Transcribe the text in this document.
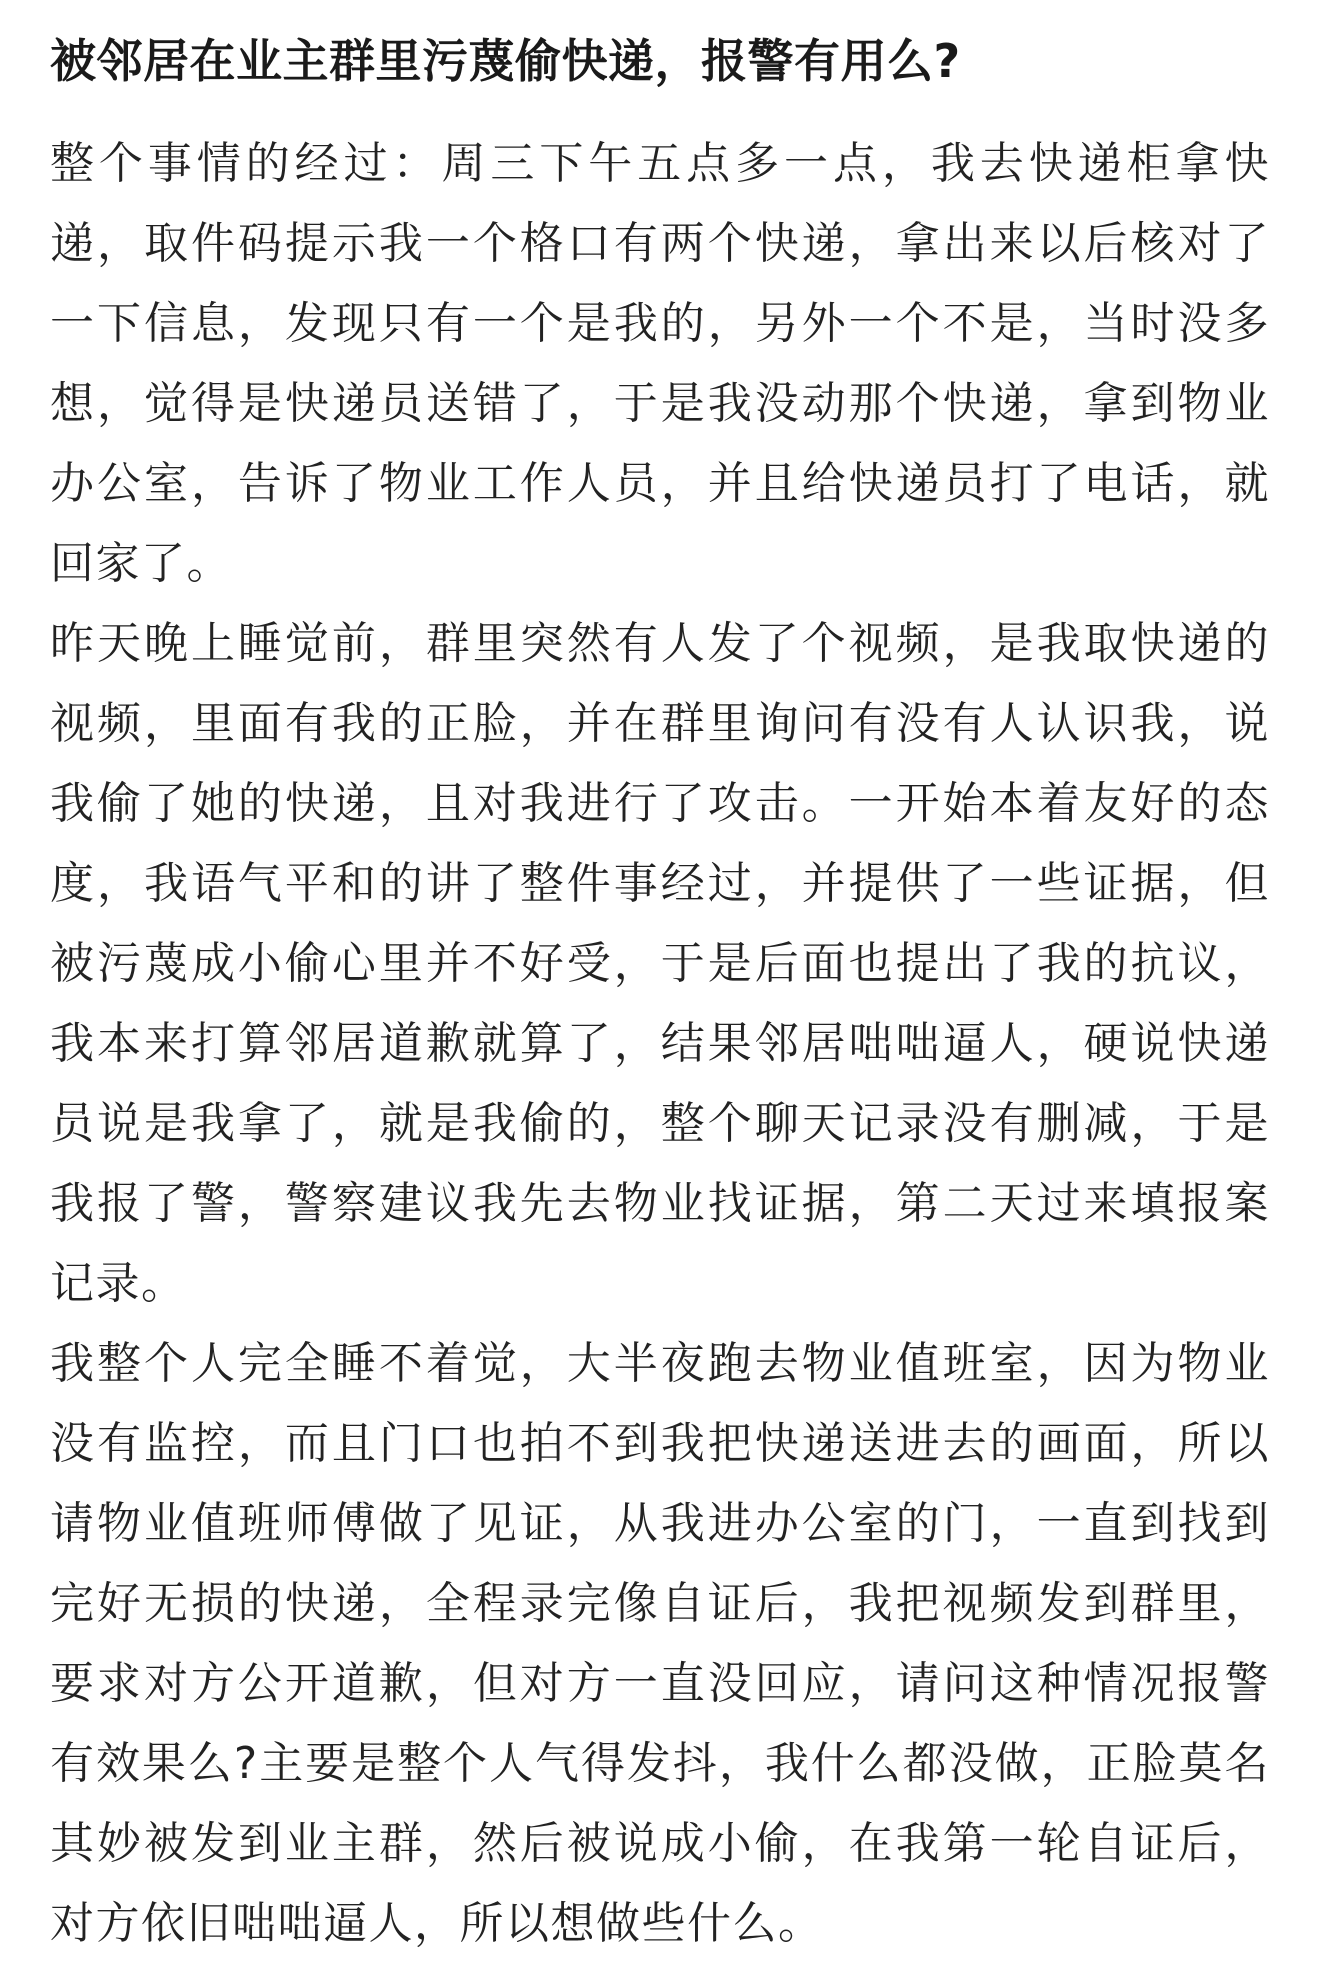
被邻居在业主群里污蔑偷快递，报警有用么?

整个事情的经过：周三下午五点多一点，我去快递柜拿快递，取件码提示我一个格口有两个快递，拿出来以后核对了一下信息，发现只有一个是我的，另外一个不是，当时没多想，觉得是快递员送错了，于是我没动那个快递，拿到物业办公室，告诉了物业工作人员，并且给快递员打了电话，就回家了。

昨天晚上睡觉前，群里突然有人发了个视频，是我取快递的视频，里面有我的正脸，并在群里询问有没有人认识我，说我偷了她的快递，且对我进行了攻击。一开始本着友好的态度，我语气平和的讲了整件事经过，并提供了一些证据，但被污蔑成小偷心里并不好受，于是后面也提出了我的抗议，我本来打算邻居道歉就算了，结果邻居咄咄逼人，硬说快递员说是我拿了，就是我偷的，整个聊天记录没有删减，于是我报了警，警察建议我先去物业找证据，第二天过来填报案记录。

我整个人完全睡不着觉，大半夜跑去物业值班室，因为物业没有监控，而且门口也拍不到我把快递送进去的画面，所以请物业值班师傅做了见证，从我进办公室的门，一直到找到完好无损的快递，全程录完像自证后，我把视频发到群里，要求对方公开道歉，但对方一直没回应，请问这种情况报警有效果么?主要是整个人气得发抖，我什么都没做，正脸莫名其妙被发到业主群，然后被说成小偷，在我第一轮自证后，对方依旧咄咄逼人，所以想做些什么。
